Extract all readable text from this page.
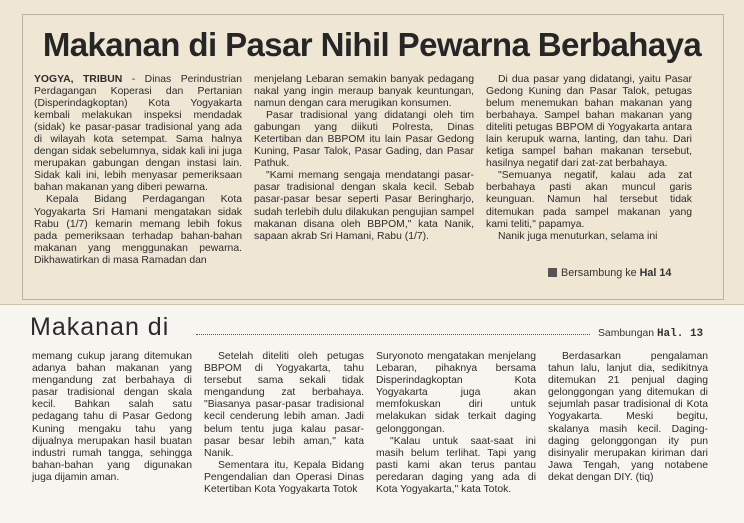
Makanan di Pasar Nihil Pewarna Berbahaya

YOGYA, TRIBUN - Dinas Perindustrian Perdagangan Koperasi dan Pertanian (Disperindagkoptan) Kota Yogyakarta kembali melakukan inspeksi mendadak (sidak) ke pasar-pasar tradisional yang ada di wilayah kota setempat. Sama halnya dengan sidak sebelumnya, sidak kali ini juga merupakan gabungan dengan instasi lain. Sidak kali ini, lebih menyasar pemeriksaan bahan makanan yang diberi pewarna.

Kepala Bidang Perdagangan Kota Yogyakarta Sri Hamani mengatakan sidak Rabu (1/7) kemarin memang lebih fokus pada pemeriksaan terhadap bahan-bahan makanan yang menggunakan pewarna. Dikhawatirkan di masa Ramadan dan

menjelang Lebaran semakin banyak pedagang nakal yang ingin meraup banyak keuntungan, namun dengan cara merugikan konsumen.

Pasar tradisional yang didatangi oleh tim gabungan yang diikuti Polresta, Dinas Ketertiban dan BBPOM itu lain Pasar Gedong Kuning, Pasar Talok, Pasar Gading, dan Pasar Pathuk.

"Kami memang sengaja mendatangi pasar-pasar tradisional dengan skala kecil. Sebab pasar-pasar besar seperti Pasar Beringharjo, sudah terlebih dulu dilakukan pengujian sampel makanan disana oleh BBPOM," kata Nanik, sapaan akrab Sri Hamani, Rabu (1/7).

Di dua pasar yang didatangi, yaitu Pasar Gedong Kuning dan Pasar Talok, petugas belum menemukan bahan makanan yang berbahaya. Sampel bahan makanan yang diteliti petugas BBPOM di Yogyakarta antara lain kerupuk warna, lanting, dan tahu. Dari ketiga sampel bahan makanan tersebut, hasilnya negatif dari zat-zat berbahaya.

"Semuanya negatif, kalau ada zat berbahaya pasti akan muncul garis keunguan. Namun hal tersebut tidak ditemukan pada sampel makanan yang kami teliti," papamya.

Nanik juga menuturkan, selama ini

Bersambung ke Hal 14
Makanan di	Sambungan Hal. 13

memang cukup jarang ditemukan adanya bahan makanan yang mengandung zat berbahaya di pasar tradisional dengan skala kecil. Bahkan salah satu pedagang tahu di Pasar Gedong Kuning mengaku tahu yang dijualnya merupakan hasil buatan industri rumah tangga, sehingga bahan-bahan yang digunakan juga dijamin aman.

Setelah diteliti oleh petugas BBPOM di Yogyakarta, tahu tersebut sama sekali tidak mengandung zat berbahaya. "Biasanya pasar-pasar tradisional kecil cenderung lebih aman. Jadi belum tentu juga kalau pasar-pasar besar lebih aman," kata Nanik.

Sementara itu, Kepala Bidang Pengendalian dan Operasi Dinas Ketertiban Kota Yogyakarta Totok

Suryonoto mengatakan menjelang Lebaran, pihaknya bersama Disperindagkoptan Kota Yogyakarta juga akan memfokuskan diri untuk melakukan sidak terkait daging gelonggongan.

"Kalau untuk saat-saat ini masih belum terlihat. Tapi yang pasti kami akan terus pantau peredaran daging yang ada di Kota Yogyakarta," kata Totok.

Berdasarkan pengalaman tahun lalu, lanjut dia, sedikitnya ditemukan 21 penjual daging gelonggongan yang ditemukan di sejumlah pasar tradisional di Kota Yogyakarta. Meski begitu, skalanya masih kecil. Daging-daging gelonggongan ity pun disinyalir merupakan kiriman dari Jawa Tengah, yang notabene dekat dengan DIY. (tiq)
